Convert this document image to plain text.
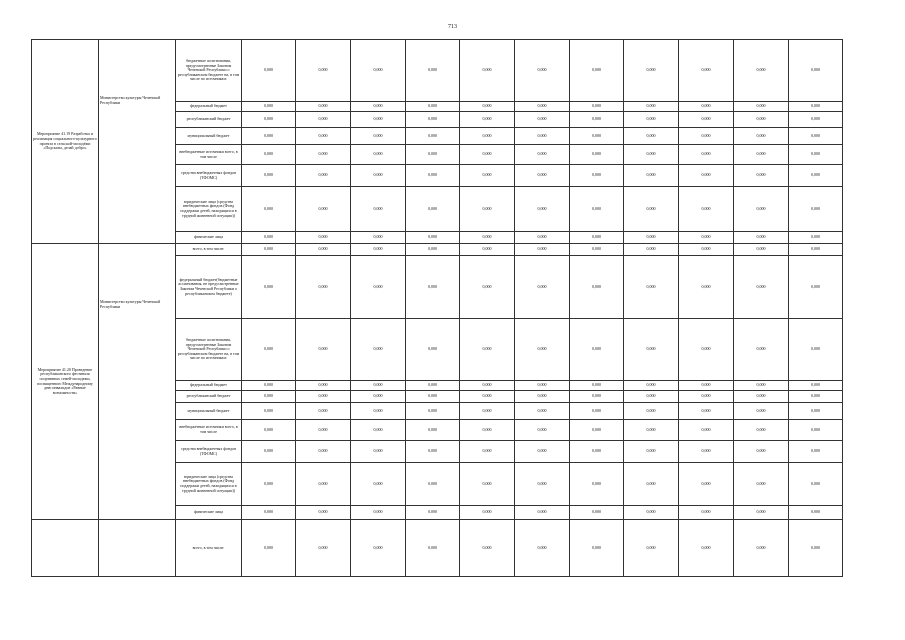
713
Мероприятие 41.19 Разработка и реализация социального-культурного проекта в сельской-молодёжи «Подсказы, делай добро»	Министерство культуры Чеченской Республики	бюджетные ассигнования, предусмотренные Законом Чеченской Республики о республиканском бюджете на, в том числе по источникам:	0,000	0,000	0,000	0,000	0,000	0,000	0,000	0,000	0,000	0,000	0,000
		федеральный бюджет	0,000	0,000	0,000	0,000	0,000	0,000	0,000	0,000	0,000	0,000	0,000
		республиканский бюджет	0,000	0,000	0,000	0,000	0,000	0,000	0,000	0,000	0,000	0,000	0,000
		муниципальный бюджет	0,000	0,000	0,000	0,000	0,000	0,000	0,000	0,000	0,000	0,000	0,000
		внебюджетные источники всего, в том числе	0,000	0,000	0,000	0,000	0,000	0,000	0,000	0,000	0,000	0,000	0,000
		средства внебюджетных фондов (ТФОМС)	0,000	0,000	0,000	0,000	0,000	0,000	0,000	0,000	0,000	0,000	0,000
		юридические лица (средства внебюджетных фондов (Фонд поддержки детей, находящихся в трудной жизненной ситуации))	0,000	0,000	0,000	0,000	0,000	0,000	0,000	0,000	0,000	0,000	0,000
		физические лица	0,000	0,000	0,000	0,000	0,000	0,000	0,000	0,000	0,000	0,000	0,000
Мероприятие 41.20 Проведение республиканского фестиваля спортивных семей-молодежи, посвященного Международному дню инвалидов «Равные возможности»	Министерство культуры Чеченской Республики	всего, в том числе:	0,000	0,000	0,000	0,000	0,000	0,000	0,000	0,000	0,000	0,000	0,000
		федеральный бюджет(бюджетные ассигнования, не предусмотренные Законом Чеченской Республики о республиканском бюджете)	0,000	0,000	0,000	0,000	0,000	0,000	0,000	0,000	0,000	0,000	0,000
		бюджетные ассигнования, предусмотренные Законом Чеченской Республики о республиканском бюджете на, в том числе по источникам:	0,000	0,000	0,000	0,000	0,000	0,000	0,000	0,000	0,000	0,000	0,000
		федеральный бюджет	0,000	0,000	0,000	0,000	0,000	0,000	0,000	0,000	0,000	0,000	0,000
		республиканский бюджет	0,000	0,000	0,000	0,000	0,000	0,000	0,000	0,000	0,000	0,000	0,000
		муниципальный бюджет	0,000	0,000	0,000	0,000	0,000	0,000	0,000	0,000	0,000	0,000	0,000
		внебюджетные источники всего, в том числе	0,000	0,000	0,000	0,000	0,000	0,000	0,000	0,000	0,000	0,000	0,000
		средства внебюджетных фондов (ТФОМС)	0,000	0,000	0,000	0,000	0,000	0,000	0,000	0,000	0,000	0,000	0,000
		юридические лица (средства внебюджетных фондов (Фонд поддержки детей, находящихся в трудной жизненной ситуации))	0,000	0,000	0,000	0,000	0,000	0,000	0,000	0,000	0,000	0,000	0,000
		физические лица	0,000	0,000	0,000	0,000	0,000	0,000	0,000	0,000	0,000	0,000	0,000
		всего, в том числе:	0,000	0,000	0,000	0,000	0,000	0,000	0,000	0,000	0,000	0,000	0,000
